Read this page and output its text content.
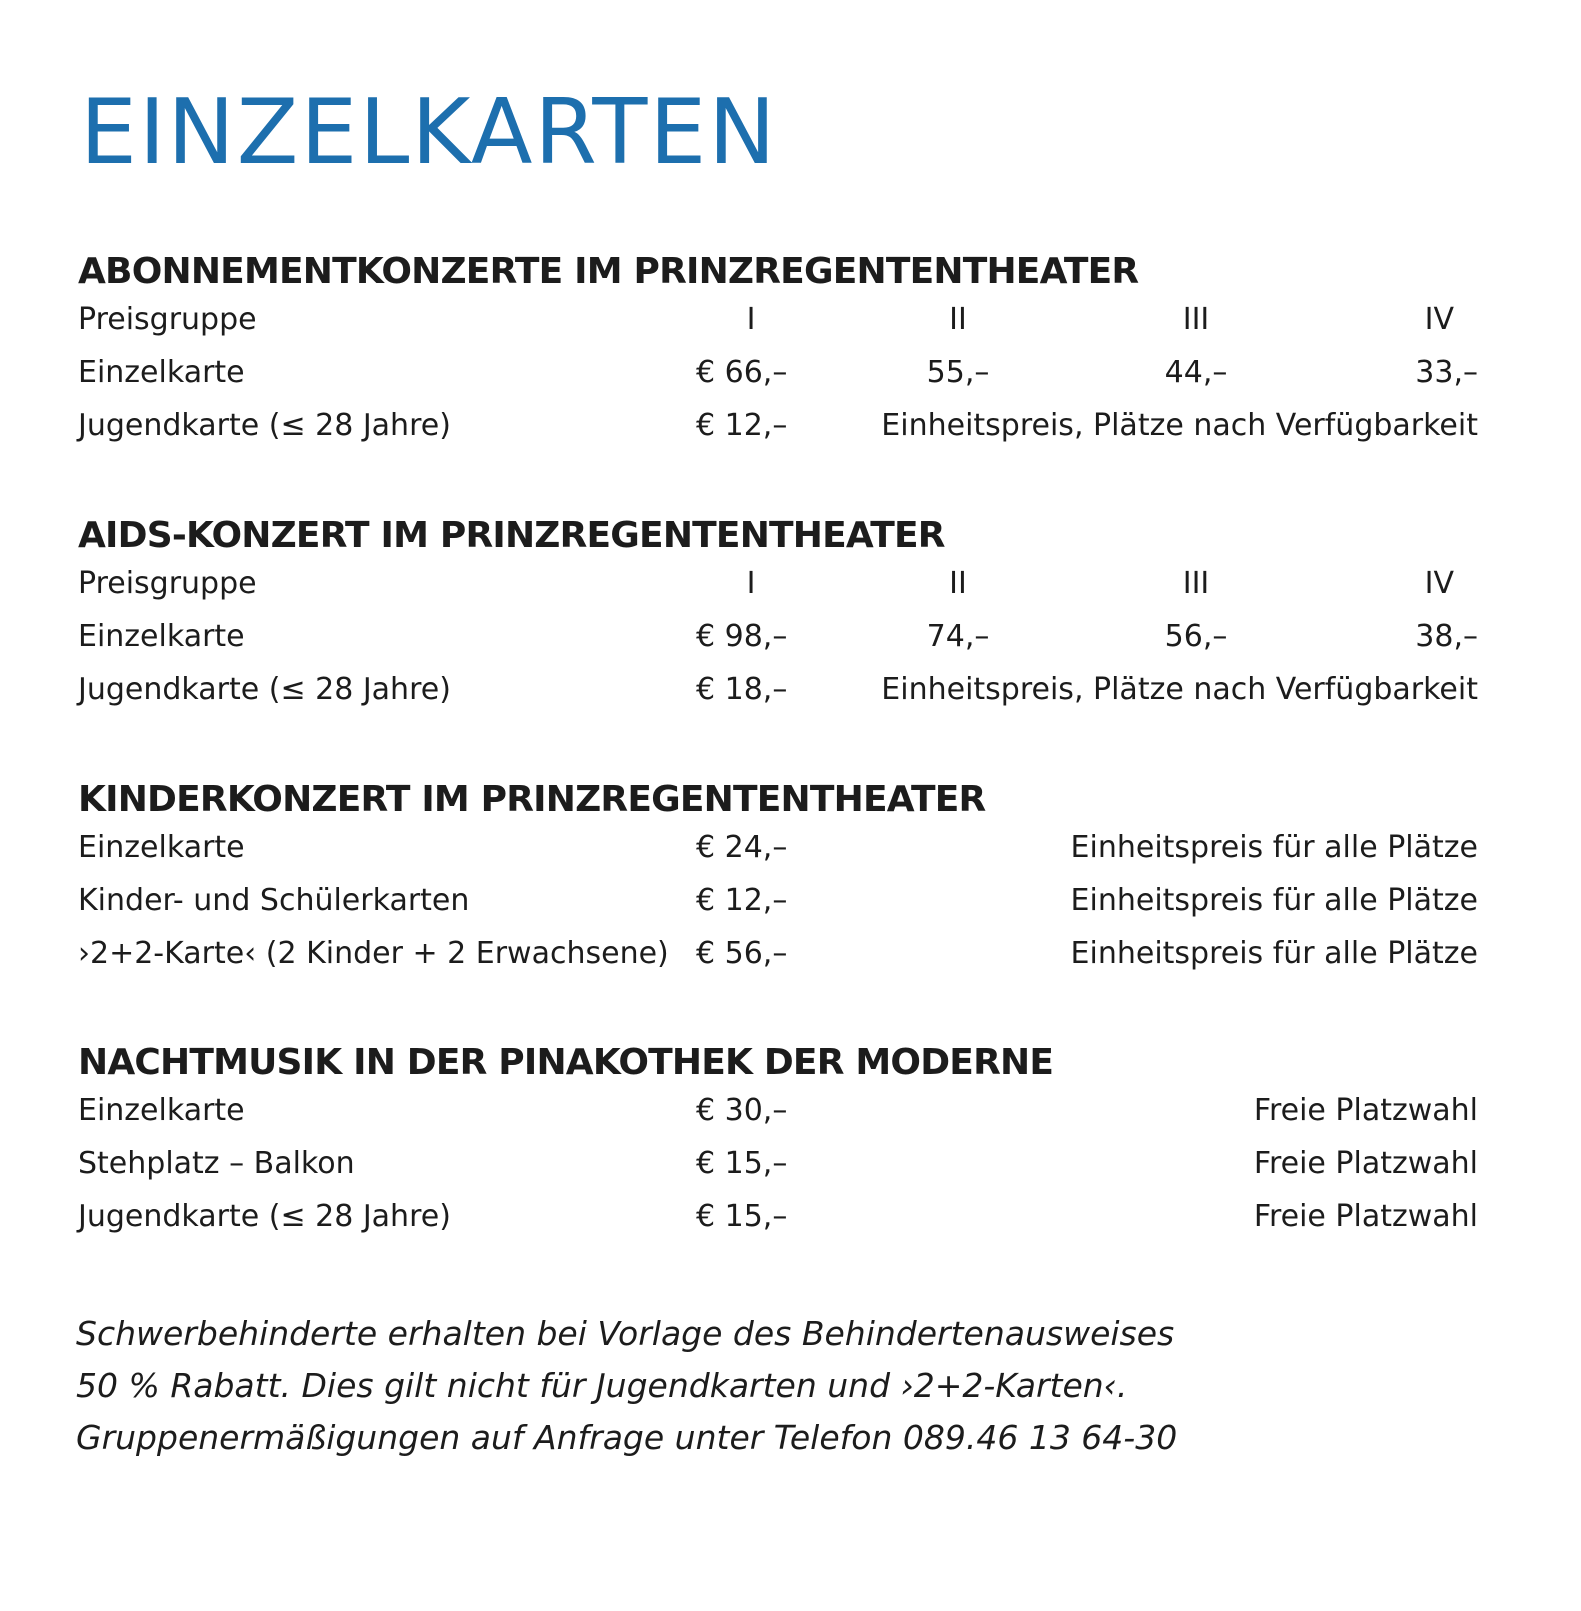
EINZELKARTEN
ABONNEMENTKONZERTE IM PRINZREGENTENTHEATER
Preisgruppe	I	II	III	IV
Einzelkarte	€ 66,–	55,–	44,–	33,–
Jugendkarte (≤ 28 Jahre)	€ 12,–	Einheitspreis, Plätze nach Verfügbarkeit
AIDS-KONZERT IM PRINZREGENTENTHEATER
Preisgruppe	I	II	III	IV
Einzelkarte	€ 98,–	74,–	56,–	38,–
Jugendkarte (≤ 28 Jahre)	€ 18,–	Einheitspreis, Plätze nach Verfügbarkeit
KINDERKONZERT IM PRINZREGENTENTHEATER
Einzelkarte	€ 24,–	Einheitspreis für alle Plätze
Kinder- und Schülerkarten	€ 12,–	Einheitspreis für alle Plätze
›2+2-Karte‹ (2 Kinder + 2 Erwachsene) € 56,–	Einheitspreis für alle Plätze
NACHTMUSIK IN DER PINAKOTHEK DER MODERNE
Einzelkarte	€ 30,–	Freie Platzwahl
Stehplatz – Balkon	€ 15,–	Freie Platzwahl
Jugendkarte (≤ 28 Jahre)	€ 15,–	Freie Platzwahl
Schwerbehinderte erhalten bei Vorlage des Behindertenausweises
50 % Rabatt. Dies gilt nicht für Jugendkarten und ›2+2-Karten‹.
Gruppenermäßigungen auf Anfrage unter Telefon 089.46 13 64-30
